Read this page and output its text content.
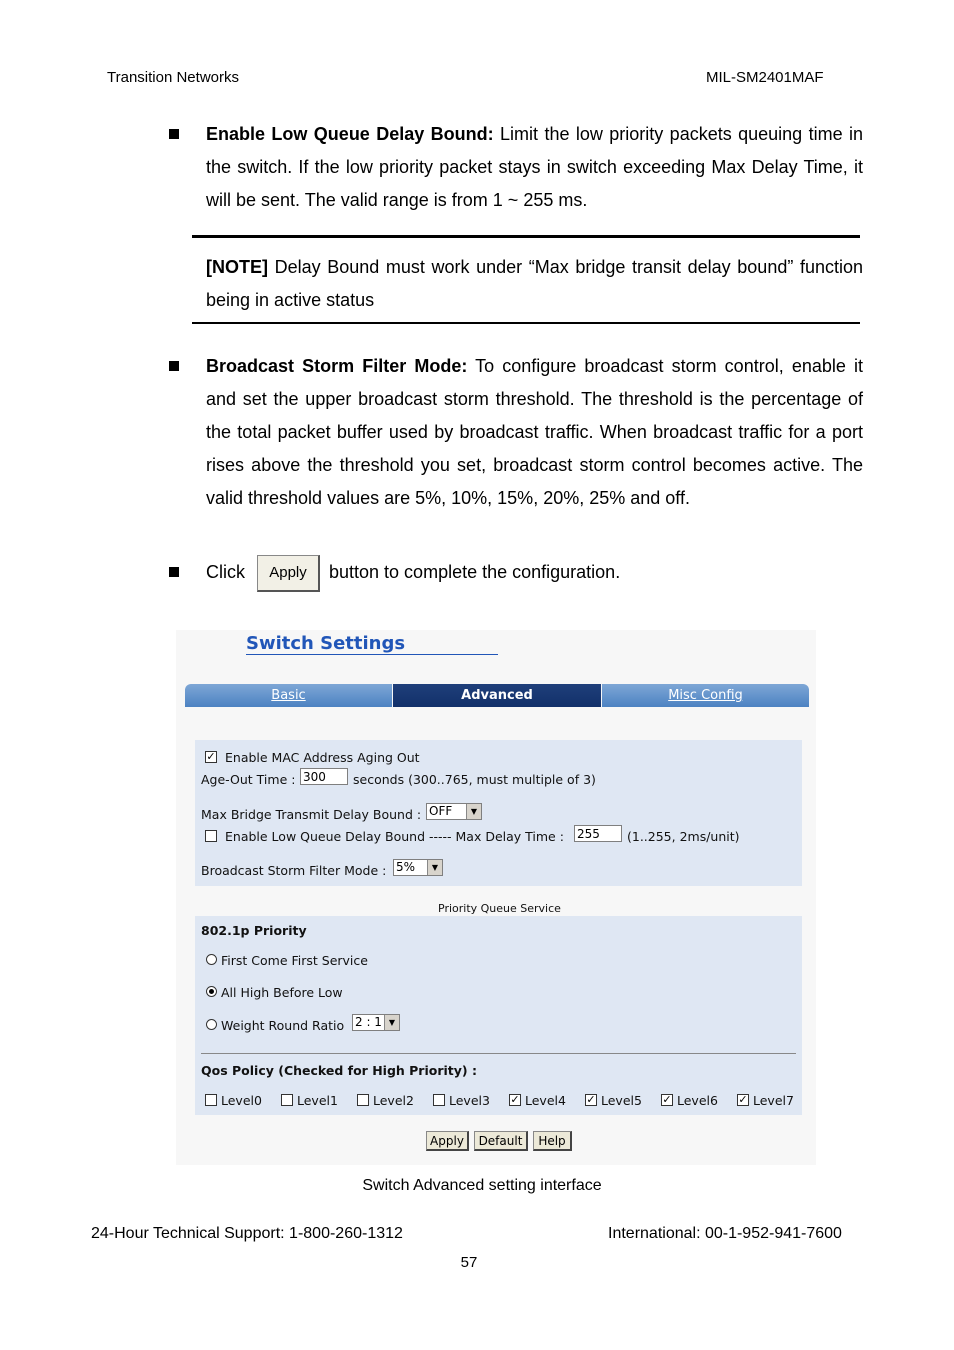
Transition Networks	MIL-SM2401MAF
Enable Low Queue Delay Bound: Limit the low priority packets queuing time in the switch. If the low priority packet stays in switch exceeding Max Delay Time, it will be sent. The valid range is from 1 ~ 255 ms.
[NOTE] Delay Bound must work under “Max bridge transit delay bound” function being in active status
Broadcast Storm Filter Mode: To configure broadcast storm control, enable it and set the upper broadcast storm threshold. The threshold is the percentage of the total packet buffer used by broadcast traffic. When broadcast traffic for a port rises above the threshold you set, broadcast storm control becomes active. The valid threshold values are 5%, 10%, 15%, 20%, 25% and off.
Click	Apply	button to complete the configuration.
Switch Settings
Basic	Advanced	Misc Config
✓ Enable MAC Address Aging Out
Age-Out Time : 300	seconds (300..765, must multiple of 3)
Max Bridge Transmit Delay Bound : OFF	▼
Enable Low Queue Delay Bound ----- Max Delay Time : 255	(1..255, 2ms/unit)
Broadcast Storm Filter Mode : 5%	▼
Priority Queue Service
802.1p Priority
First Come First Service
All High Before Low
Weight Round Ratio 2 : 1 ▼
Qos Policy (Checked for High Priority) :
Level0	Level1	Level2	Level3 ✓ Level4 ✓ Level5 ✓ Level6 ✓ Level7
Apply	Default	Help
Switch Advanced setting interface
24-Hour Technical Support: 1-800-260-1312	International: 00-1-952-941-7600
57
